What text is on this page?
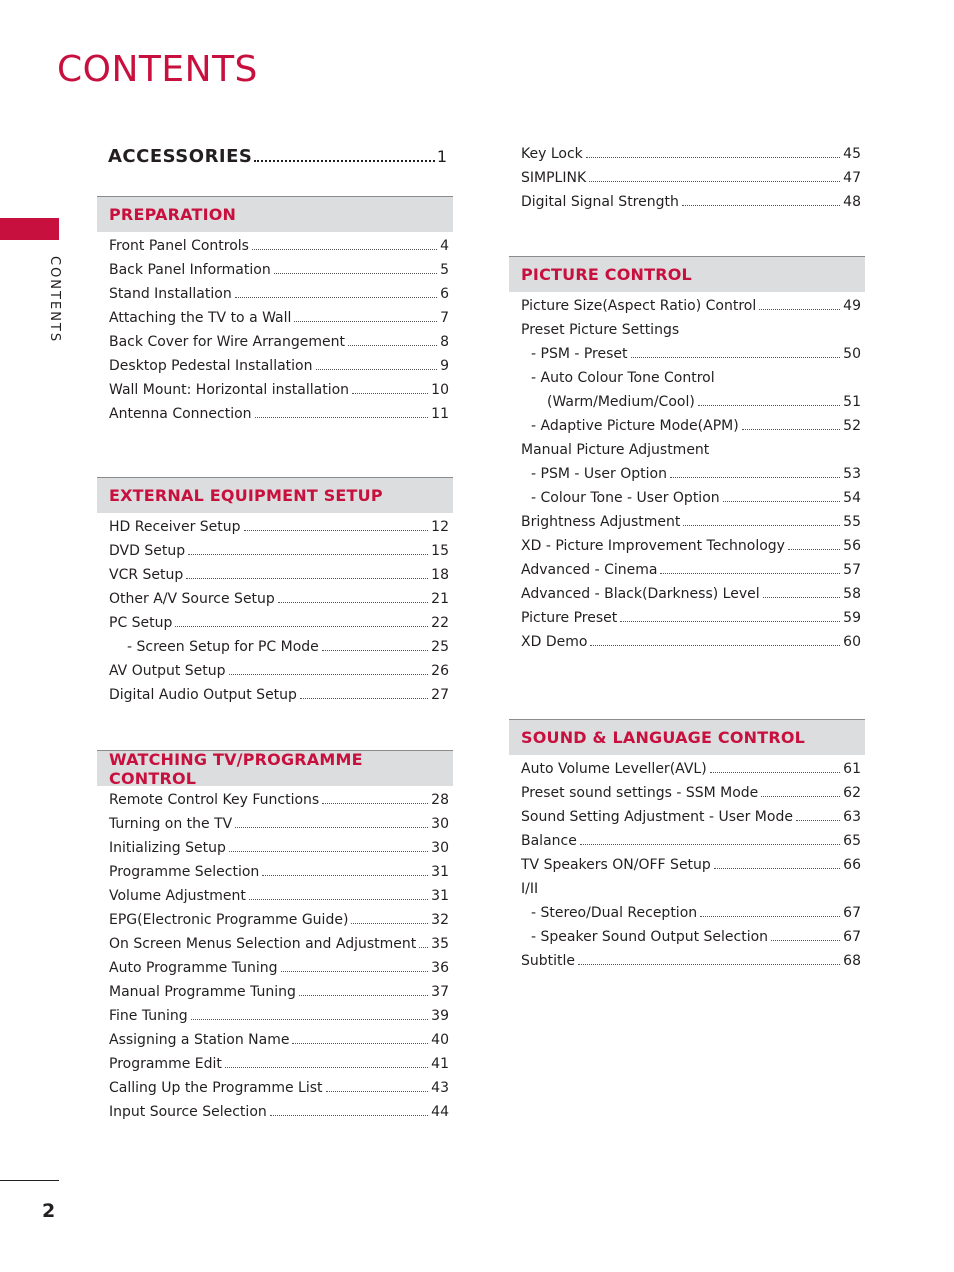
CONTENTS
CONTENTS
2
ACCESSORIES	1
PREPARATION
Front Panel Controls	4
Back Panel Information	5
Stand Installation	6
Attaching the TV to a Wall	7
Back Cover for Wire Arrangement	8
Desktop Pedestal Installation	9
Wall Mount: Horizontal installation	10
Antenna Connection	11
EXTERNAL EQUIPMENT SETUP
HD Receiver Setup	12
DVD Setup	15
VCR Setup	18
Other A/V Source Setup	21
PC Setup	22
- Screen Setup for PC Mode	25
AV Output Setup	26
Digital Audio Output Setup	27
WATCHING TV/PROGRAMME CONTROL
Remote Control Key Functions	28
Turning on the TV	30
Initializing Setup	30
Programme Selection	31
Volume Adjustment	31
EPG(Electronic Programme Guide)	32
On Screen Menus Selection and Adjustment 35
Auto Programme Tuning	36
Manual Programme Tuning	37
Fine Tuning	39
Assigning a Station Name	40
Programme Edit	41
Calling Up the Programme List	43
Input Source Selection	44
Key Lock	45
SIMPLINK	47
Digital Signal Strength	48
PICTURE CONTROL
Picture Size(Aspect Ratio) Control	49
Preset Picture Settings
- PSM - Preset	50
- Auto Colour Tone Control
(Warm/Medium/Cool)	51
- Adaptive Picture Mode(APM)	52
Manual Picture Adjustment
- PSM - User Option	53
- Colour Tone - User Option	54
Brightness Adjustment	55
XD - Picture Improvement Technology	56
Advanced - Cinema	57
Advanced - Black(Darkness) Level	58
Picture Preset	59
XD Demo	60
SOUND & LANGUAGE CONTROL
Auto Volume Leveller(AVL)	61
Preset sound settings - SSM Mode	62
Sound Setting Adjustment - User Mode	63
Balance	65
TV Speakers ON/OFF Setup	66
I/II
- Stereo/Dual Reception	67
- Speaker Sound Output Selection	67
Subtitle	68
